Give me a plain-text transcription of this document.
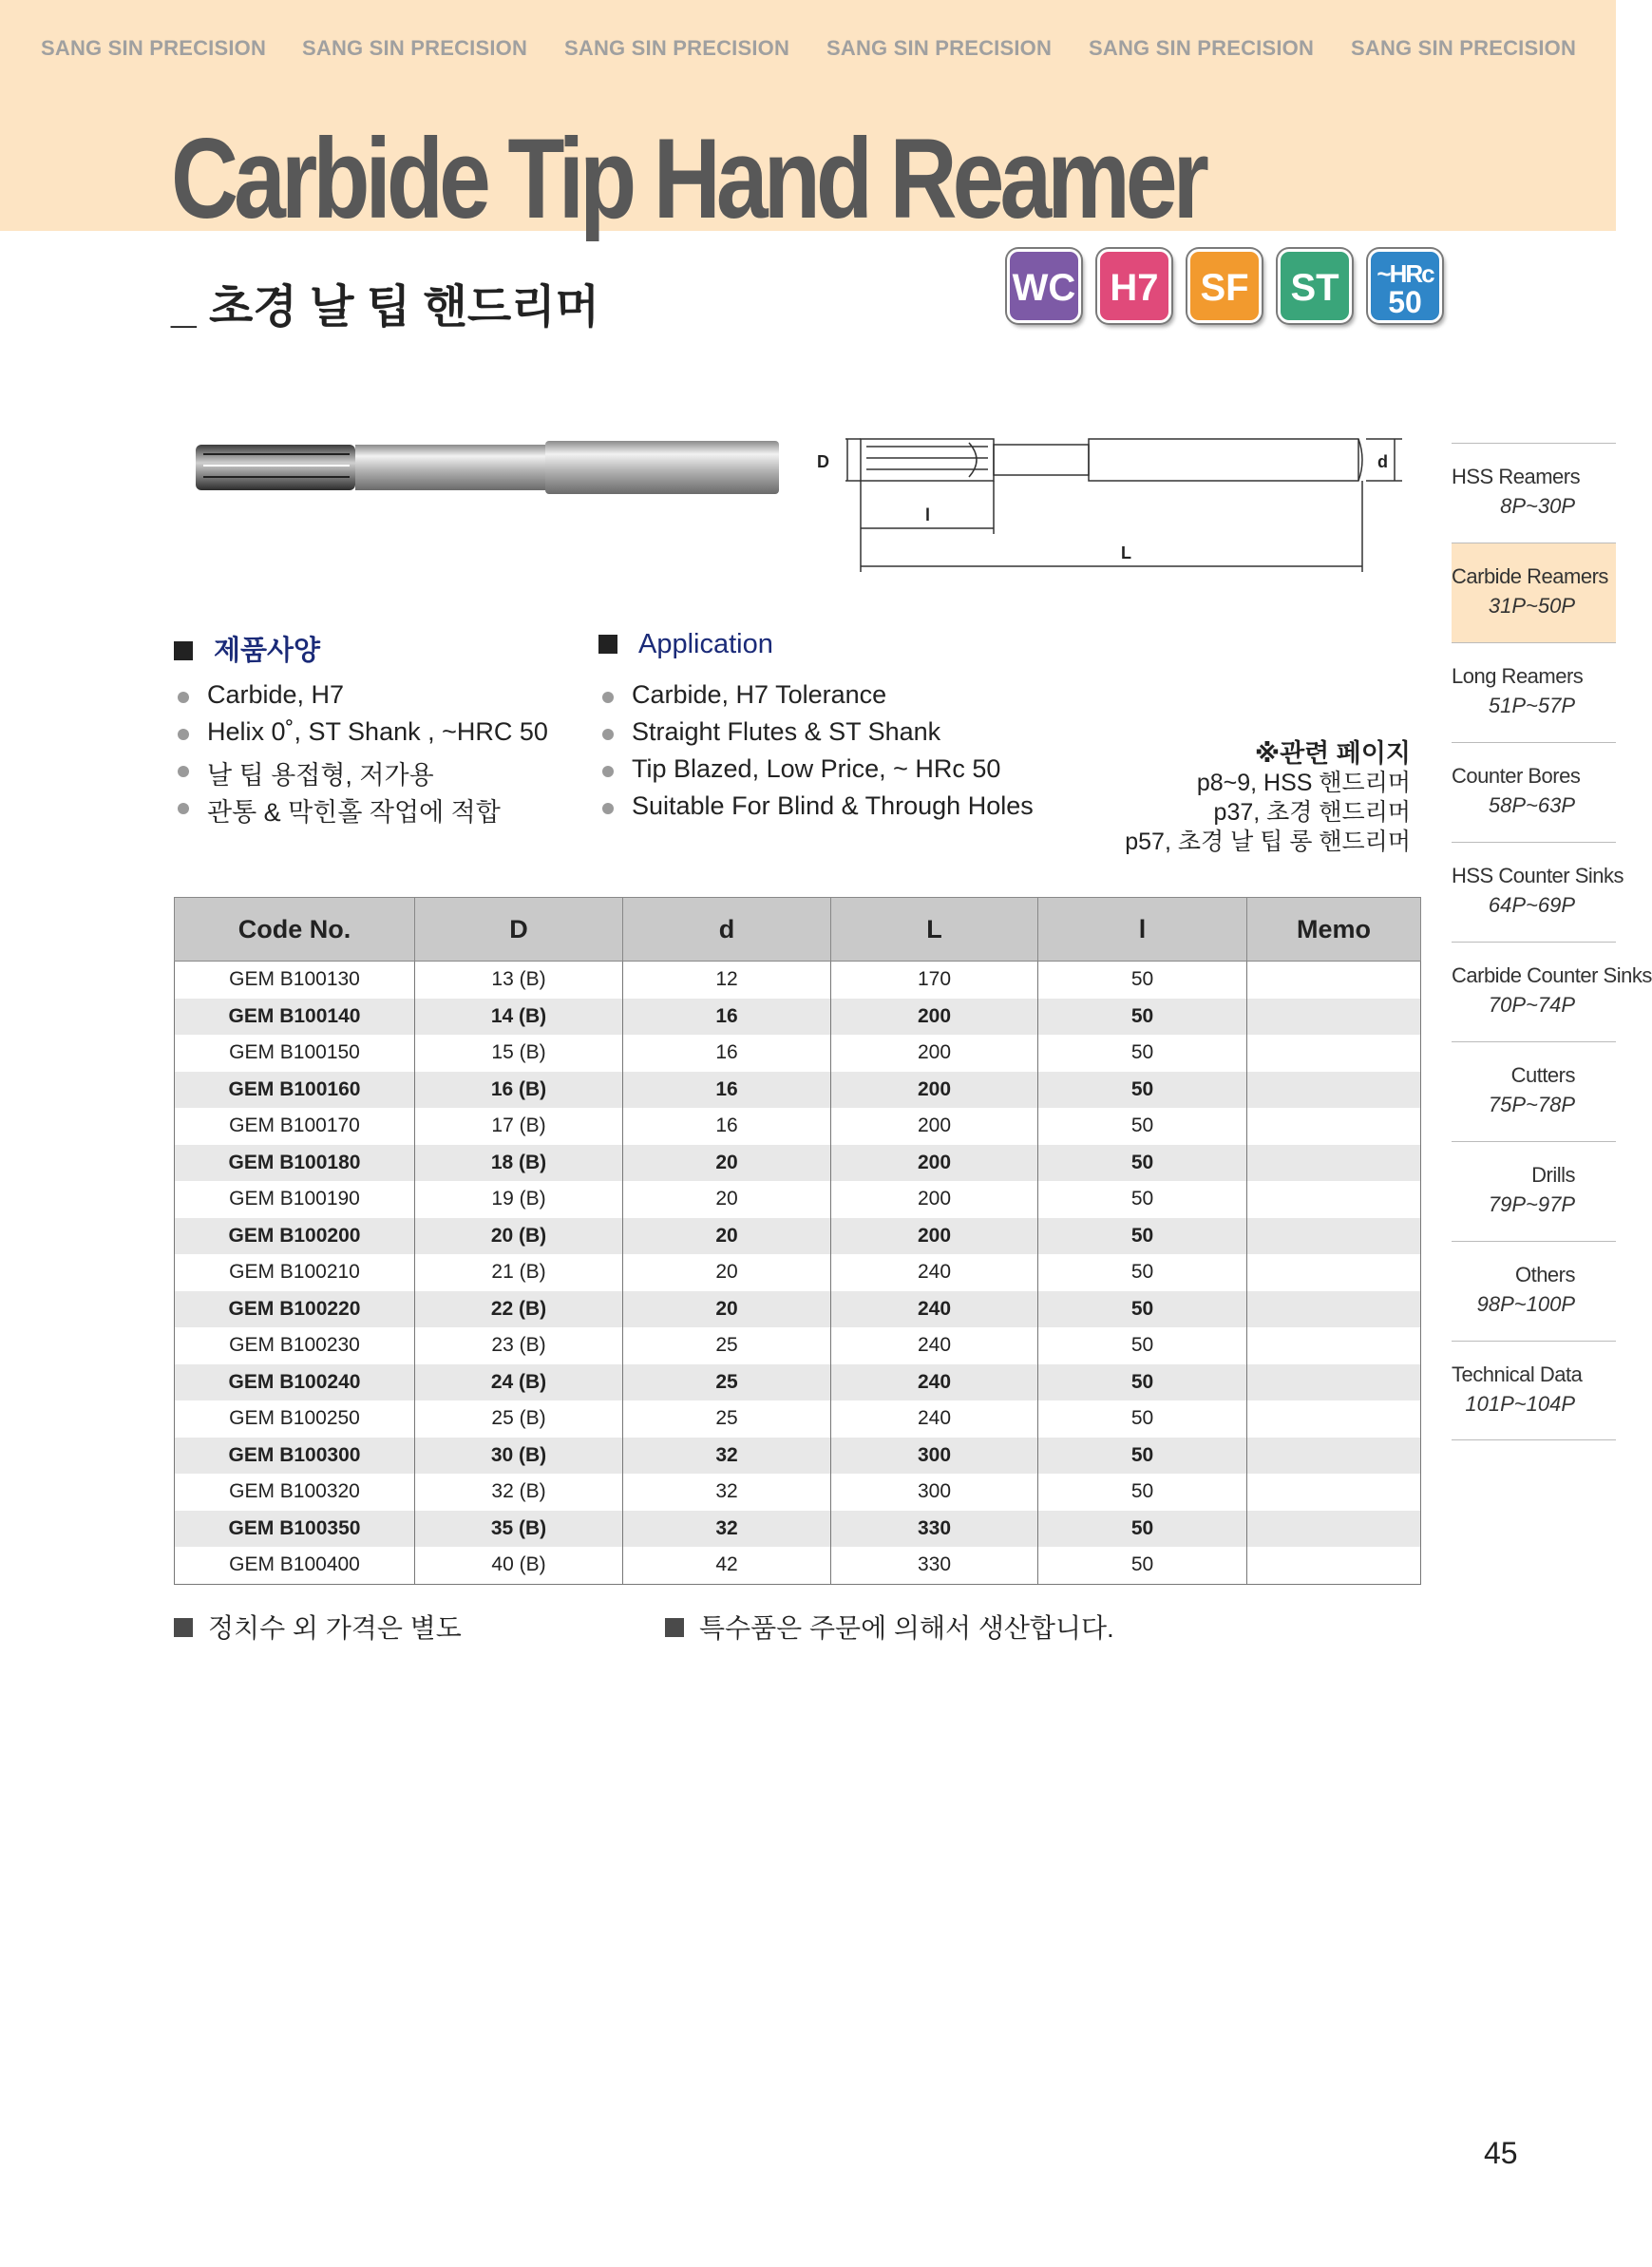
SANG SIN PRECISION SANG SIN PRECISION SANG SIN PRECISION SANG SIN PRECISION SANG SIN PRECISION SANG SIN PRECISION
Carbide Tip Hand Reamer
_ 초경 날 팁 핸드리머	WC H7	SF	ST	~HRc
50
D	d
l
L
제품사양
Carbide, H7
Helix 0˚, ST Shank , ~HRC 50
날 팁 용접형, 저가용
관통 & 막힌홀 작업에 적합
Application
Carbide, H7 Tolerance
Straight Flutes & ST Shank
Tip Blazed, Low Price, ~ HRc 50
Suitable For Blind & Through Holes
※관련 페이지
p8~9, HSS 핸드리머
p37, 초경 핸드리머
p57, 초경 날 팁 롱 핸드리머
Code No.	D	d	L	l	Memo
GEM B100130	13 (B)	12	170	50	
GEM B100140	14 (B)	16	200	50	
GEM B100150	15 (B)	16	200	50	
GEM B100160	16 (B)	16	200	50	
GEM B100170	17 (B)	16	200	50	
GEM B100180	18 (B)	20	200	50	
GEM B100190	19 (B)	20	200	50	
GEM B100200	20 (B)	20	200	50	
GEM B100210	21 (B)	20	240	50	
GEM B100220	22 (B)	20	240	50	
GEM B100230	23 (B)	25	240	50	
GEM B100240	24 (B)	25	240	50	
GEM B100250	25 (B)	25	240	50	
GEM B100300	30 (B)	32	300	50	
GEM B100320	32 (B)	32	300	50	
GEM B100350	35 (B)	32	330	50	
GEM B100400	40 (B)	42	330	50	
정치수 외 가격은 별도	특수품은 주문에 의해서 생산합니다.
HSS Reamers
8P~30P
Carbide Reamers
31P~50P
Long Reamers
51P~57P
Counter Bores
58P~63P
HSS Counter Sinks
64P~69P
Carbide Counter Sinks
70P~74P
Cutters
75P~78P
Drills
79P~97P
Others
98P~100P
Technical Data
101P~104P
45
